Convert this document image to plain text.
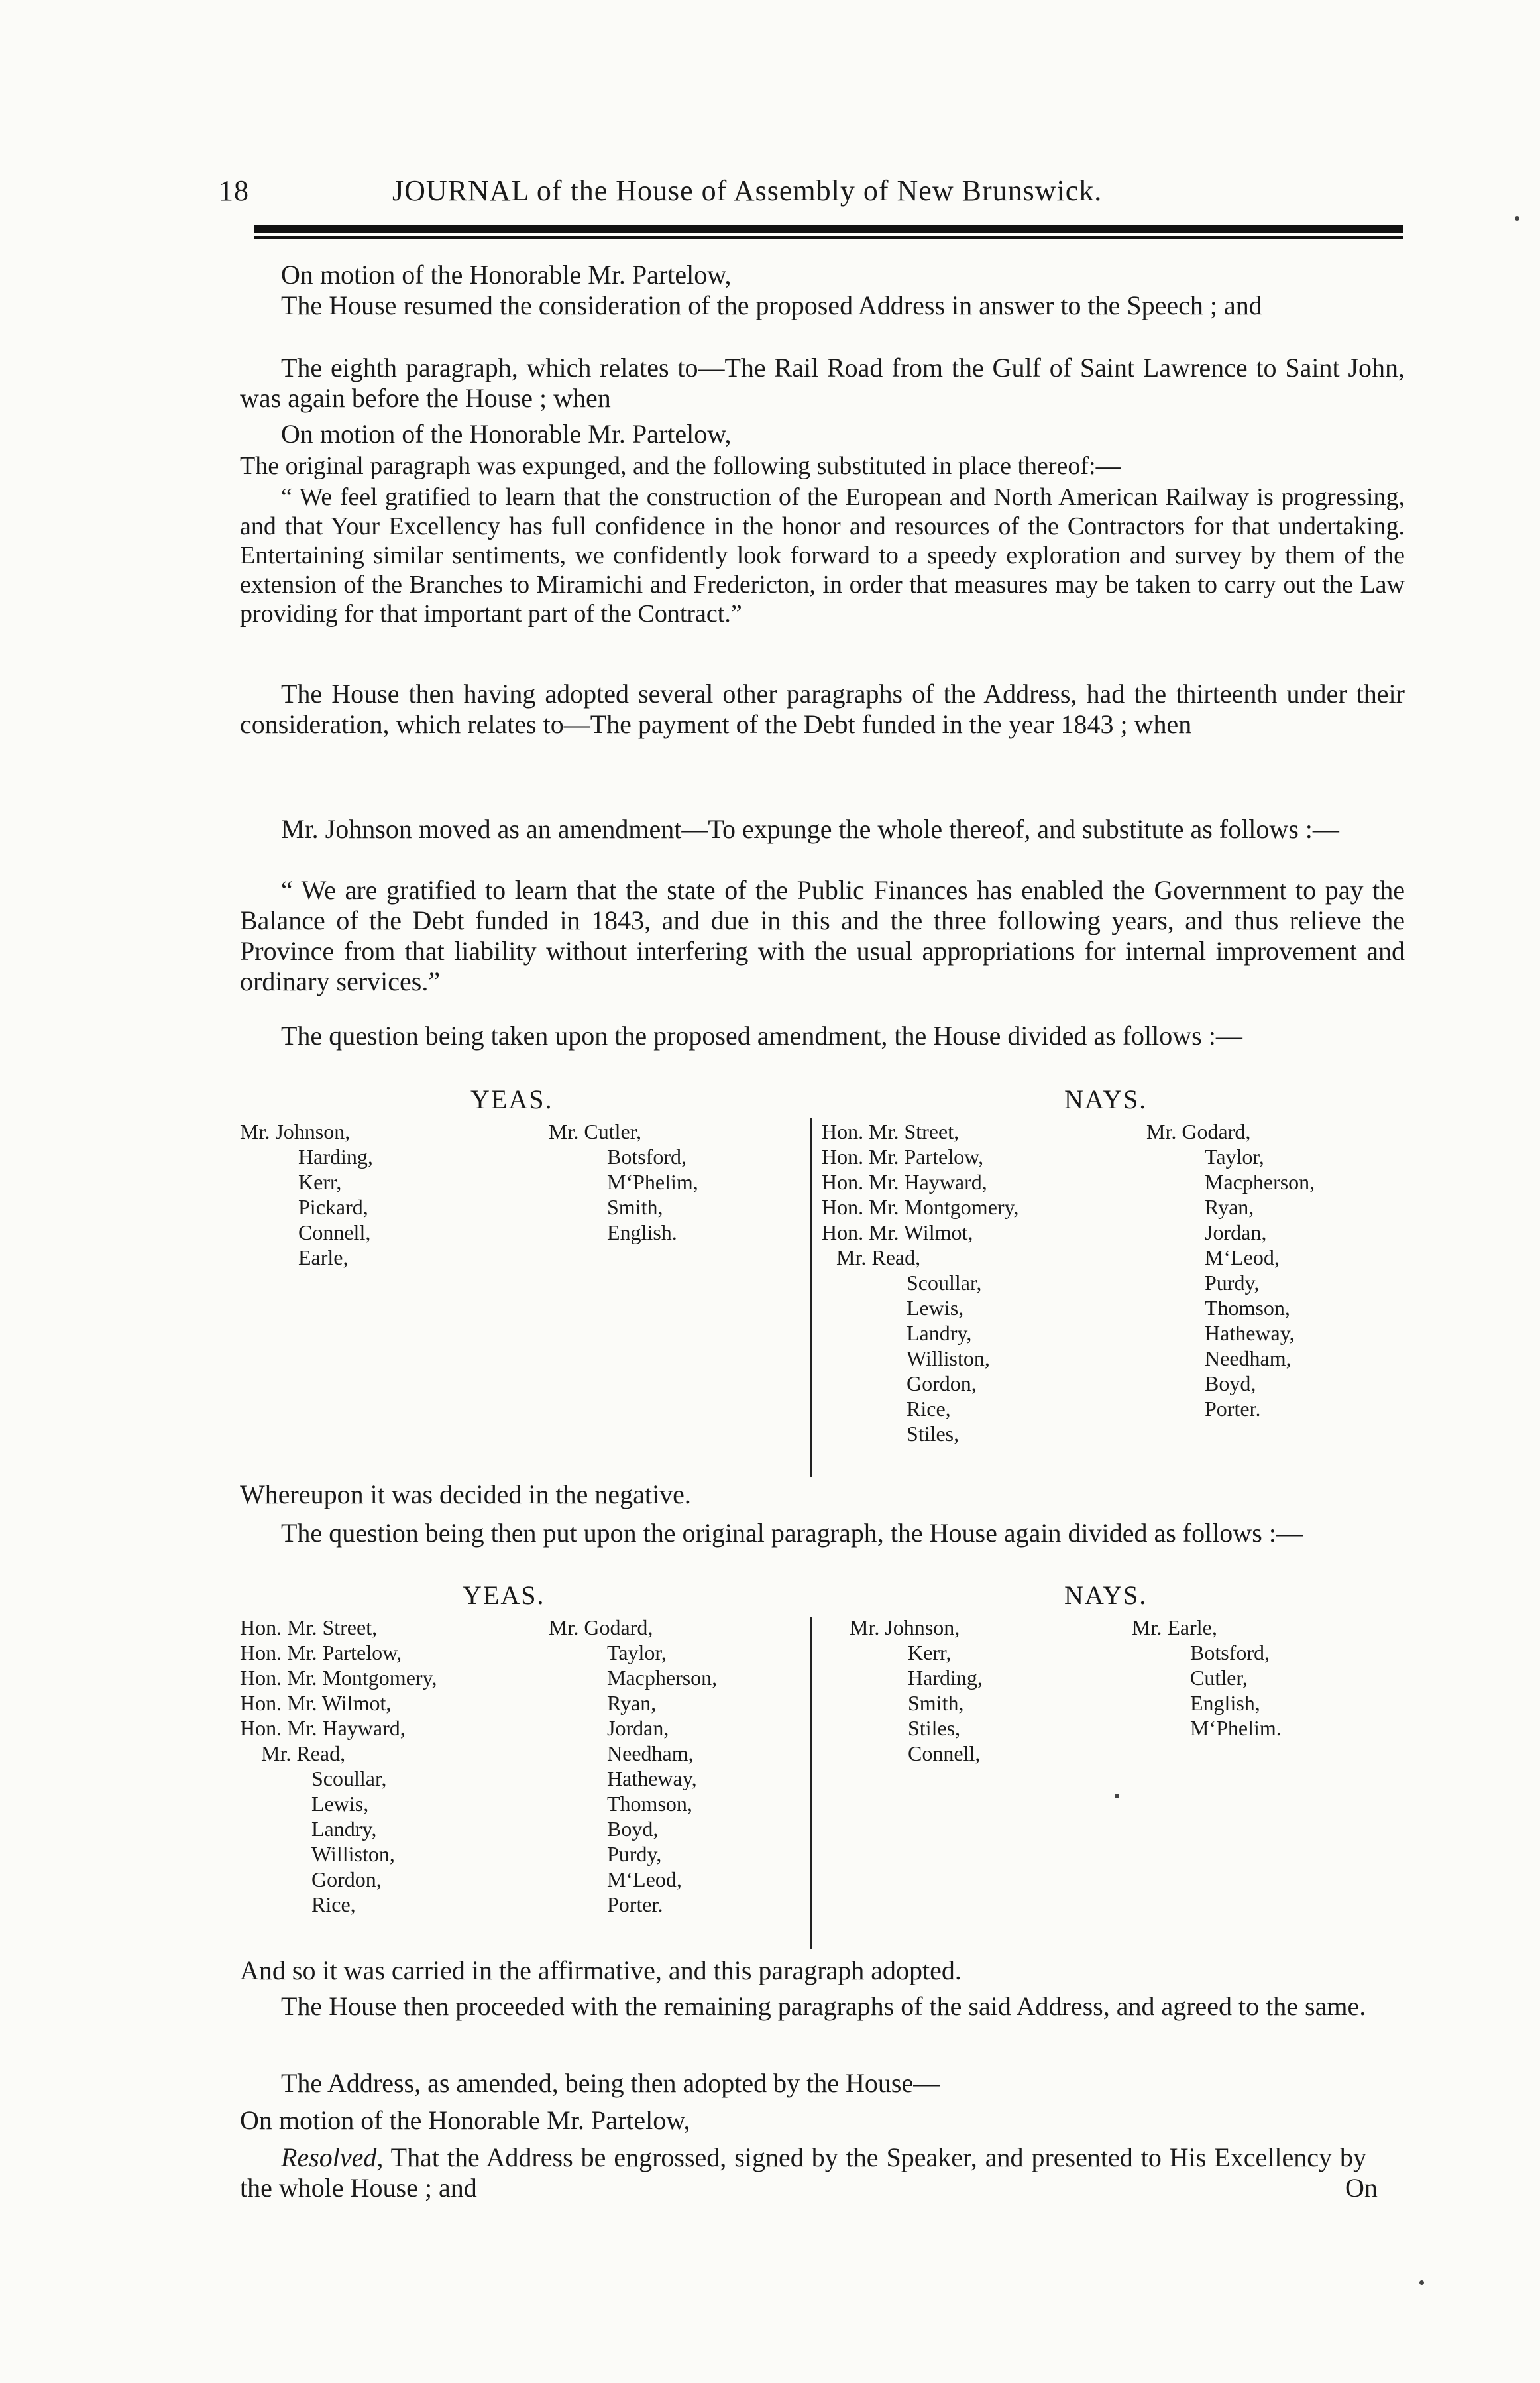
18	JOURNAL of the House of Assembly of New Brunswick.
On motion of the Honorable Mr. Partelow,
The House resumed the consideration of the proposed Address in answer to the Speech ; and
The eighth paragraph, which relates to—The Rail Road from the Gulf of Saint Lawrence to Saint John, was again before the House ; when
On motion of the Honorable Mr. Partelow,
The original paragraph was expunged, and the following substituted in place thereof:—
“ We feel gratified to learn that the construction of the European and North American Railway is progressing, and that Your Excellency has full confidence in the honor and resources of the Contractors for that undertaking. Entertaining similar sentiments, we confidently look forward to a speedy exploration and survey by them of the extension of the Branches to Miramichi and Fredericton, in order that measures may be taken to carry out the Law providing for that important part of the Contract.”
The House then having adopted several other paragraphs of the Address, had the thirteenth under their consideration, which relates to—The payment of the Debt funded in the year 1843 ; when
Mr. Johnson moved as an amendment—To expunge the whole thereof, and substitute as follows :—
“ We are gratified to learn that the state of the Public Finances has enabled the Government to pay the Balance of the Debt funded in 1843, and due in this and the three following years, and thus relieve the Province from that liability without interfering with the usual appropriations for internal improvement and ordinary services.”
The question being taken upon the proposed amendment, the House divided as follows :—
YEAS.	NAYS.
Mr. Johnson,
Harding,
Kerr,
Pickard,
Connell,
Earle,
Mr. Cutler,
Botsford,
M‘Phelim,
Smith,
English.
Hon. Mr. Street,
Hon. Mr. Partelow,
Hon. Mr. Hayward,
Hon. Mr. Montgomery,
Hon. Mr. Wilmot,
Mr. Read,
Scoullar,
Lewis,
Landry,
Williston,
Gordon,
Rice,
Stiles,
Mr. Godard,
Taylor,
Macpherson,
Ryan,
Jordan,
M‘Leod,
Purdy,
Thomson,
Hatheway,
Needham,
Boyd,
Porter.
Whereupon it was decided in the negative.
The question being then put upon the original paragraph, the House again divided as follows :—
YEAS.	NAYS.
Hon. Mr. Street,
Hon. Mr. Partelow,
Hon. Mr. Montgomery,
Hon. Mr. Wilmot,
Hon. Mr. Hayward,
Mr. Read,
Scoullar,
Lewis,
Landry,
Williston,
Gordon,
Rice,
Mr. Godard,
Taylor,
Macpherson,
Ryan,
Jordan,
Needham,
Hatheway,
Thomson,
Boyd,
Purdy,
M‘Leod,
Porter.
Mr. Johnson,
Kerr,
Harding,
Smith,
Stiles,
Connell,
Mr. Earle,
Botsford,
Cutler,
English,
M‘Phelim.
And so it was carried in the affirmative, and this paragraph adopted.
The House then proceeded with the remaining paragraphs of the said Address, and agreed to the same.
The Address, as amended, being then adopted by the House—
On motion of the Honorable Mr. Partelow,
Resolved, That the Address be engrossed, signed by the Speaker, and presented to His Excellency by the whole House ; and	On
